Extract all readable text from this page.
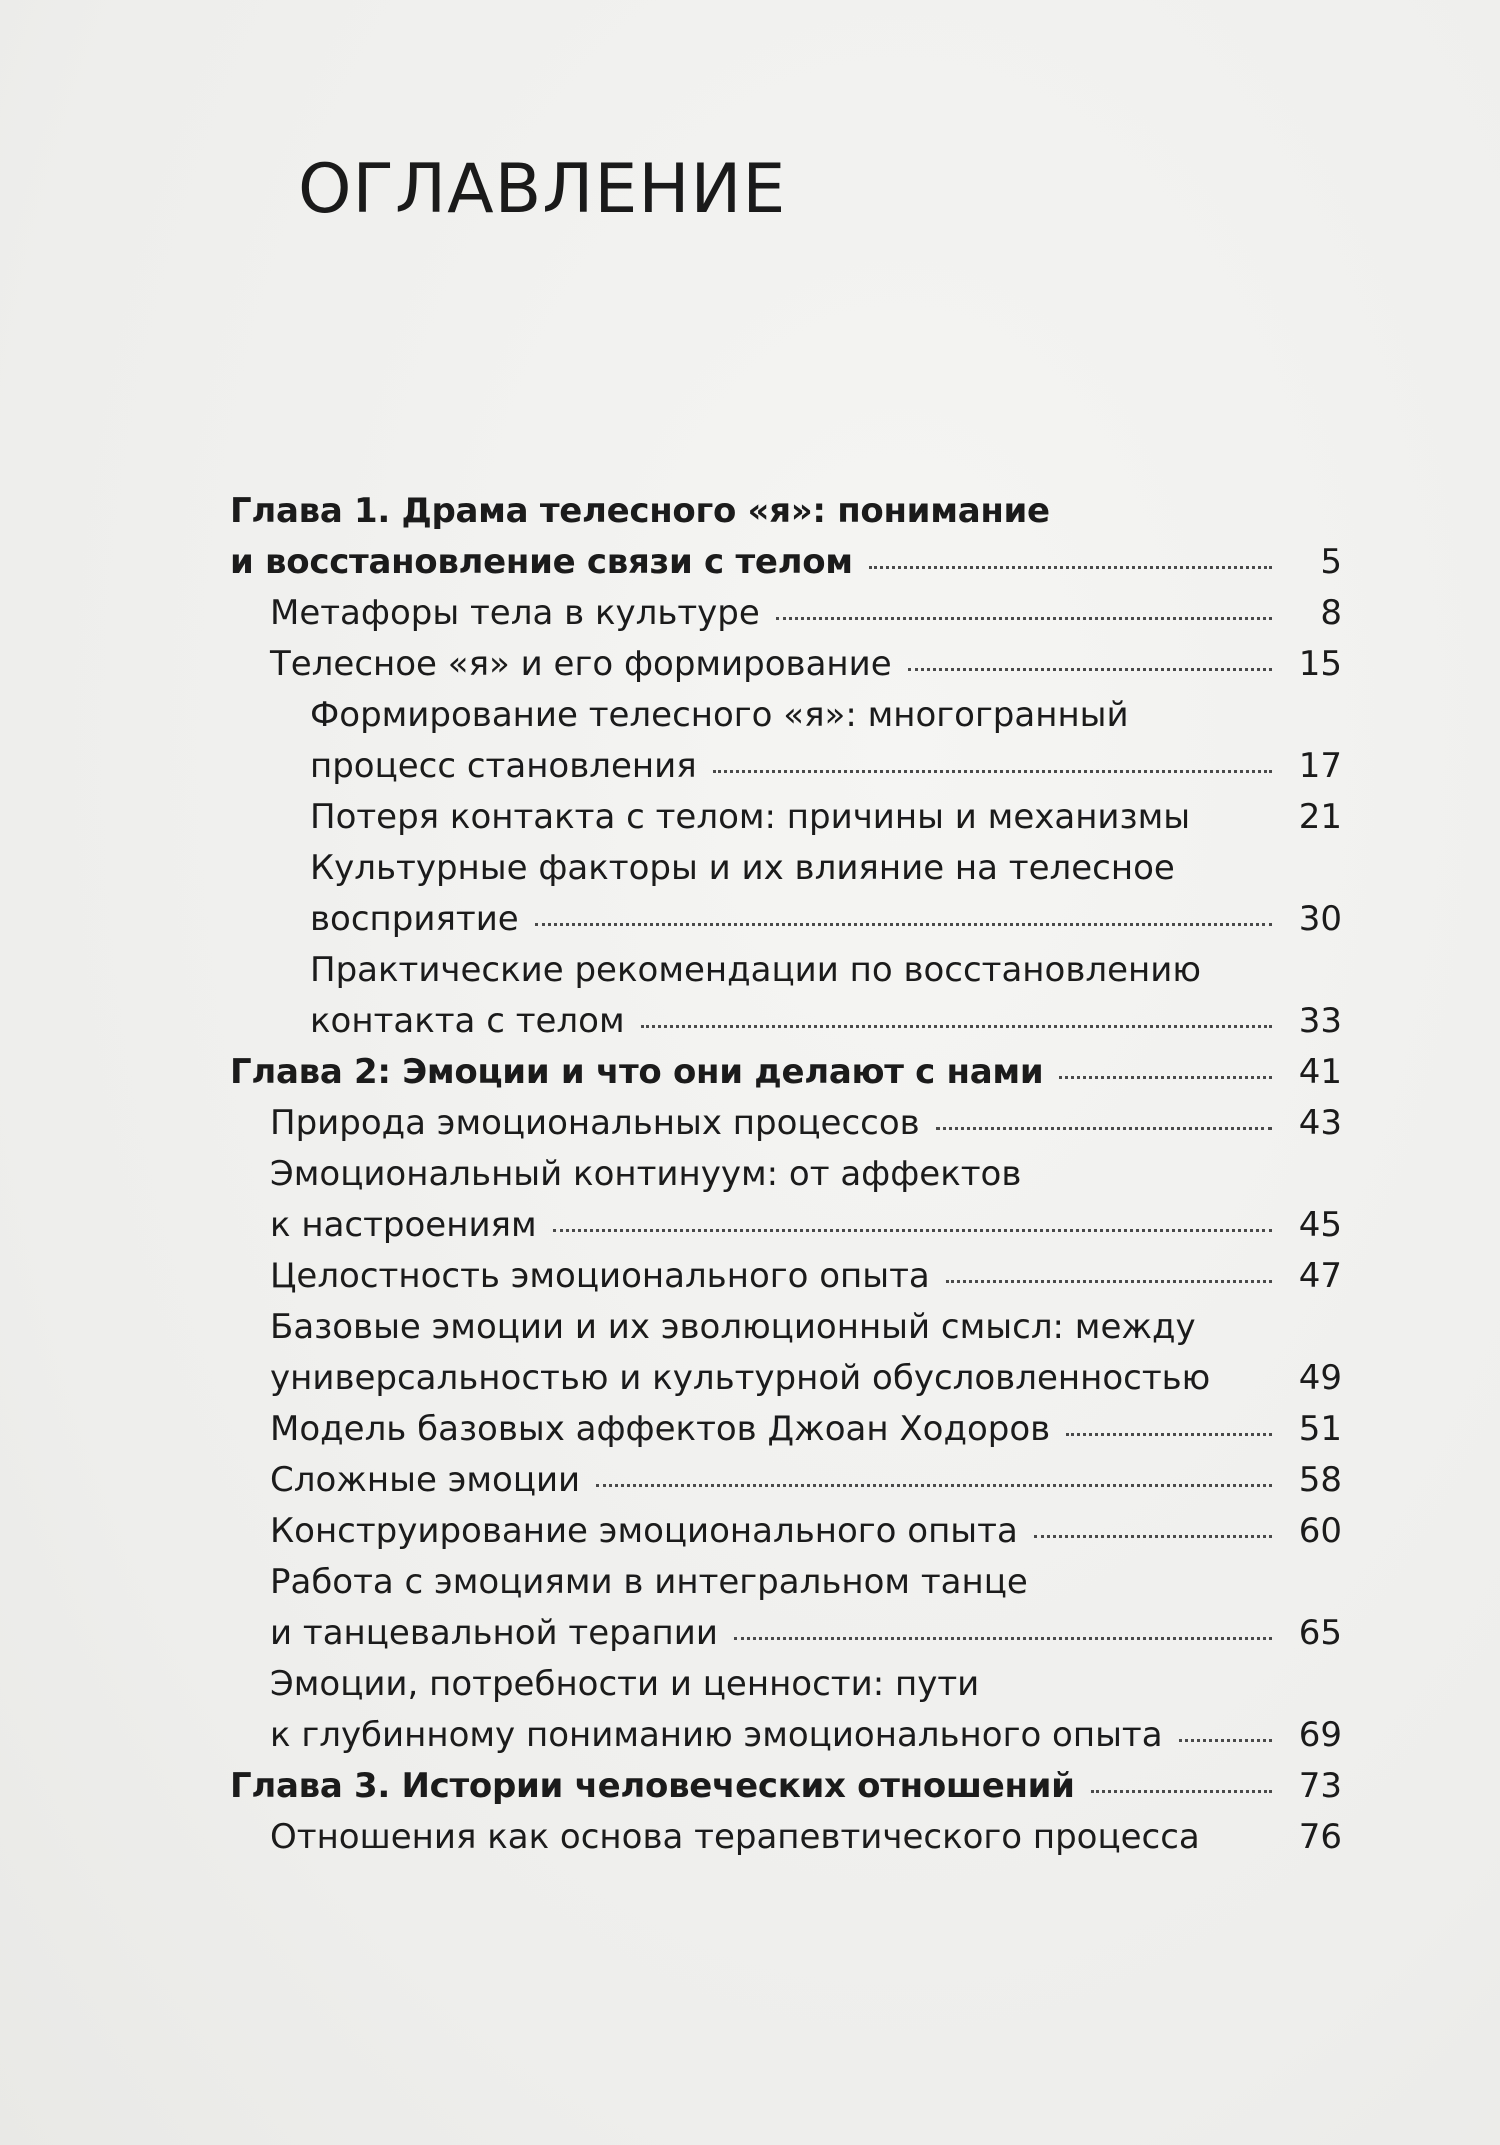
ОГЛАВЛЕНИЕ
Глава 1. Драма телесного «я»: понимание
и восстановление связи с телом	5
Метафоры тела в культуре	8
Телесное «я» и его формирование	15
Формирование телесного «я»: многогранный
процесс становления	17
Потеря контакта с телом: причины и механизмы	21
Культурные факторы и их влияние на телесное
восприятие	30
Практические рекомендации по восстановлению
контакта с телом	33
Глава 2: Эмоции и что они делают с нами	41
Природа эмоциональных процессов	43
Эмоциональный континуум: от аффектов
к настроениям	45
Целостность эмоционального опыта	47
Базовые эмоции и их эволюционный смысл: между
универсальностью и культурной обусловленностью	49
Модель базовых аффектов Джоан Ходоров	51
Сложные эмоции	58
Конструирование эмоционального опыта	60
Работа с эмоциями в интегральном танце
и танцевальной терапии	65
Эмоции, потребности и ценности: пути
к глубинному пониманию эмоционального опыта	69
Глава 3. Истории человеческих отношений	73
Отношения как основа терапевтического процесса	76
